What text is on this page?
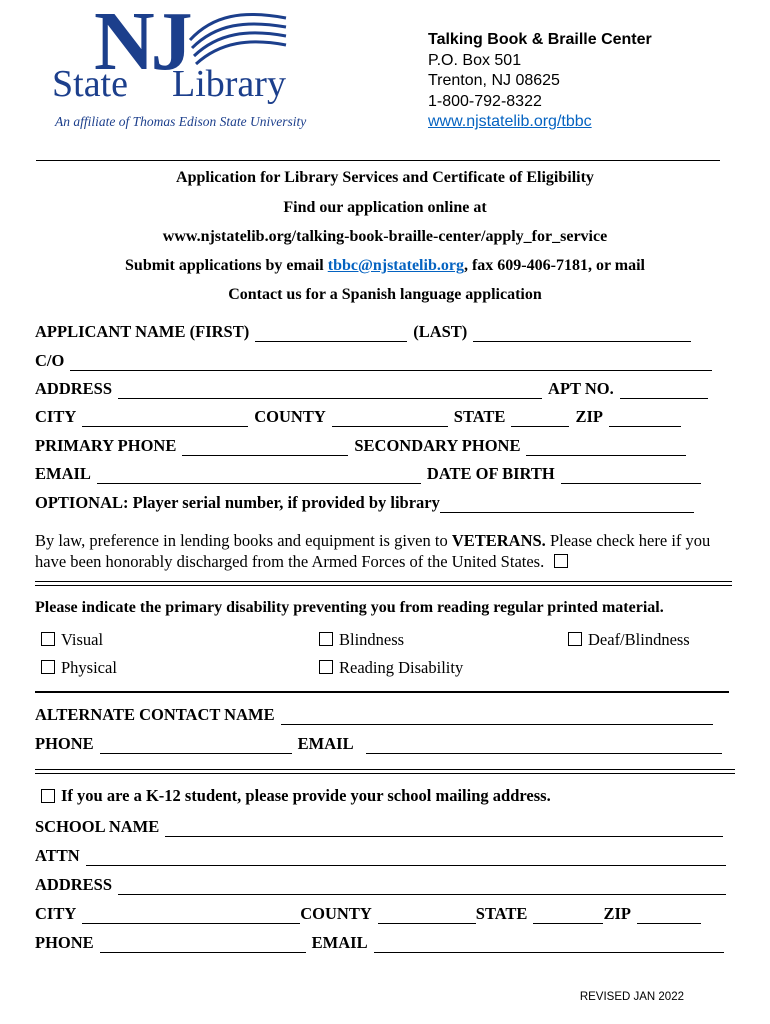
NJ
State Library
An affiliate of Thomas Edison State University
Talking Book & Braille Center
P.O. Box 501
Trenton, NJ 08625
1-800-792-8322
www.njstatelib.org/tbbc
Application for Library Services and Certificate of Eligibility
Find our application online at
www.njstatelib.org/talking-book-braille-center/apply_for_service
Submit applications by email tbbc@njstatelib.org, fax 609-406-7181, or mail
Contact us for a Spanish language application
APPLICANT NAME (FIRST)	(LAST)
C/O
ADDRESS	APT NO.
CITY	COUNTY	STATE	ZIP
PRIMARY PHONE	SECONDARY PHONE
EMAIL	DATE OF BIRTH
OPTIONAL: Player serial number, if provided by library
By law, preference in lending books and equipment is given to VETERANS. Please check here if you have been honorably discharged from the Armed Forces of the United States.
Please indicate the primary disability preventing you from reading regular printed material.
Visual	Blindness	Deaf/Blindness
Physical	Reading Disability
ALTERNATE CONTACT NAME
PHONE	EMAIL
If you are a K-12 student, please provide your school mailing address.
SCHOOL NAME
ATTN
ADDRESS
CITY	COUNTY	STATE	ZIP
PHONE	EMAIL
REVISED JAN 2022
